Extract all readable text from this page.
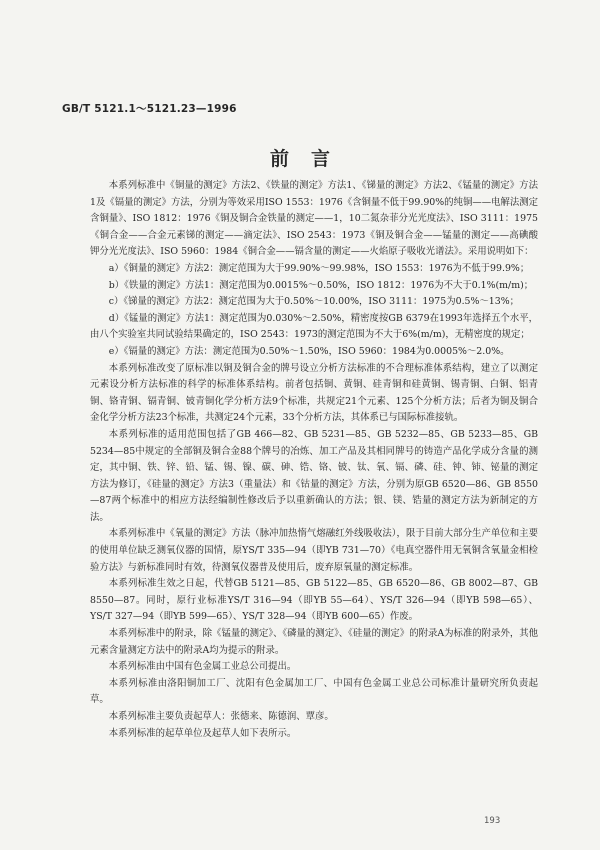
GB/T 5121.1～5121.23—1996
前言

本系列标准中《铜量的测定》方法2、《铁量的测定》方法1、《锑量的测定》方法2、《锰量的测定》方法1及《镉量的测定》方法，分别为等效采用ISO 1553：1976《含铜量不低于99.90%的纯铜——电解法测定含铜量》、ISO 1812：1976《铜及铜合金铁量的测定——1，10二氮杂菲分光光度法》、ISO 3111：1975《铜合金——合金元素锑的测定——滴定法》、ISO 2543：1973《铜及铜合金——锰量的测定——高碘酸钾分光光度法》、ISO 5960：1984《铜合金——镉含量的测定——火焰原子吸收光谱法》。采用说明如下：

a）《铜量的测定》方法2：测定范围为大于99.90%～99.98%，ISO 1553：1976为不低于99.9%；

b）《铁量的测定》方法1：测定范围为0.0015%～0.50%，ISO 1812：1976为不大于0.1%(m/m)；

c）《锑量的测定》方法2：测定范围为大于0.50%～10.00%，ISO 3111：1975为0.5%～13%；

d）《锰量的测定》方法1：测定范围为0.030%～2.50%，精密度按GB 6379在1993年选择五个水平，由八个实验室共同试验结果确定的，ISO 2543：1973的测定范围为不大于6%(m/m)，无精密度的规定；

e）《镉量的测定》方法：测定范围为0.50%～1.50%，ISO 5960：1984为0.0005%～2.0%。

本系列标准改变了原标准以铜及铜合金的牌号设立分析方法标准的不合理标准体系结构，建立了以测定元素设分析方法标准的科学的标准体系结构。前者包括铜、黄铜、硅青铜和硅黄铜、锡青铜、白铜、铝青铜、铬青铜、镉青铜、铍青铜化学分析方法9个标准，共规定21个元素、125个分析方法；后者为铜及铜合金化学分析方法23个标准，共测定24个元素，33个分析方法，其体系已与国际标准接轨。

本系列标准的适用范围包括了GB 466—82、GB 5231—85、GB 5232—85、GB 5233—85、GB 5234—85中规定的全部铜及铜合金88个牌号的冶炼、加工产品及其相同牌号的铸造产品化学成分含量的测定，其中铜、铁、锌、铅、锰、锡、镍、碳、砷、锆、铬、铍、钛、氧、镉、磷、硅、钟、铈、铋量的测定方法为修订，《硅量的测定》方法3（重量法）和《钴量的测定》方法，分别为原GB 6520—86、GB 8550—87两个标准中的相应方法经编制性修改后予以重新确认的方法；银、镁、锆量的测定方法为新制定的方法。

本系列标准中《氧量的测定》方法（脉冲加热惰气熔融红外线吸收法），限于目前大部分生产单位和主要的使用单位缺乏测氧仪器的国情，原YS/T 335—94（即YB 731—70）《电真空器件用无氧铜含氧量金相检验方法》与新标准同时有效，待测氧仪器普及使用后，废弃原氧量的测定标准。

本系列标准生效之日起，代替GB 5121—85、GB 5122—85、GB 6520—86、GB 8002—87、GB 8550—87。同时，原行业标准YS/T 316—94（即YB 55—64）、YS/T 326—94（即YB 598—65）、YS/T 327—94（即YB 599—65）、YS/T 328—94（即YB 600—65）作废。

本系列标准中的附录，除《锰量的测定》、《磷量的测定》、《硅量的测定》的附录A为标准的附录外，其他元素含量测定方法中的附录A均为提示的附录。

本系列标准由中国有色金属工业总公司提出。

本系列标准由洛阳铜加工厂、沈阳有色金属加工厂、中国有色金属工业总公司标准计量研究所负责起草。

本系列标准主要负责起草人：张德来、陈德润、覃彦。

本系列标准的起草单位及起草人如下表所示。

193
